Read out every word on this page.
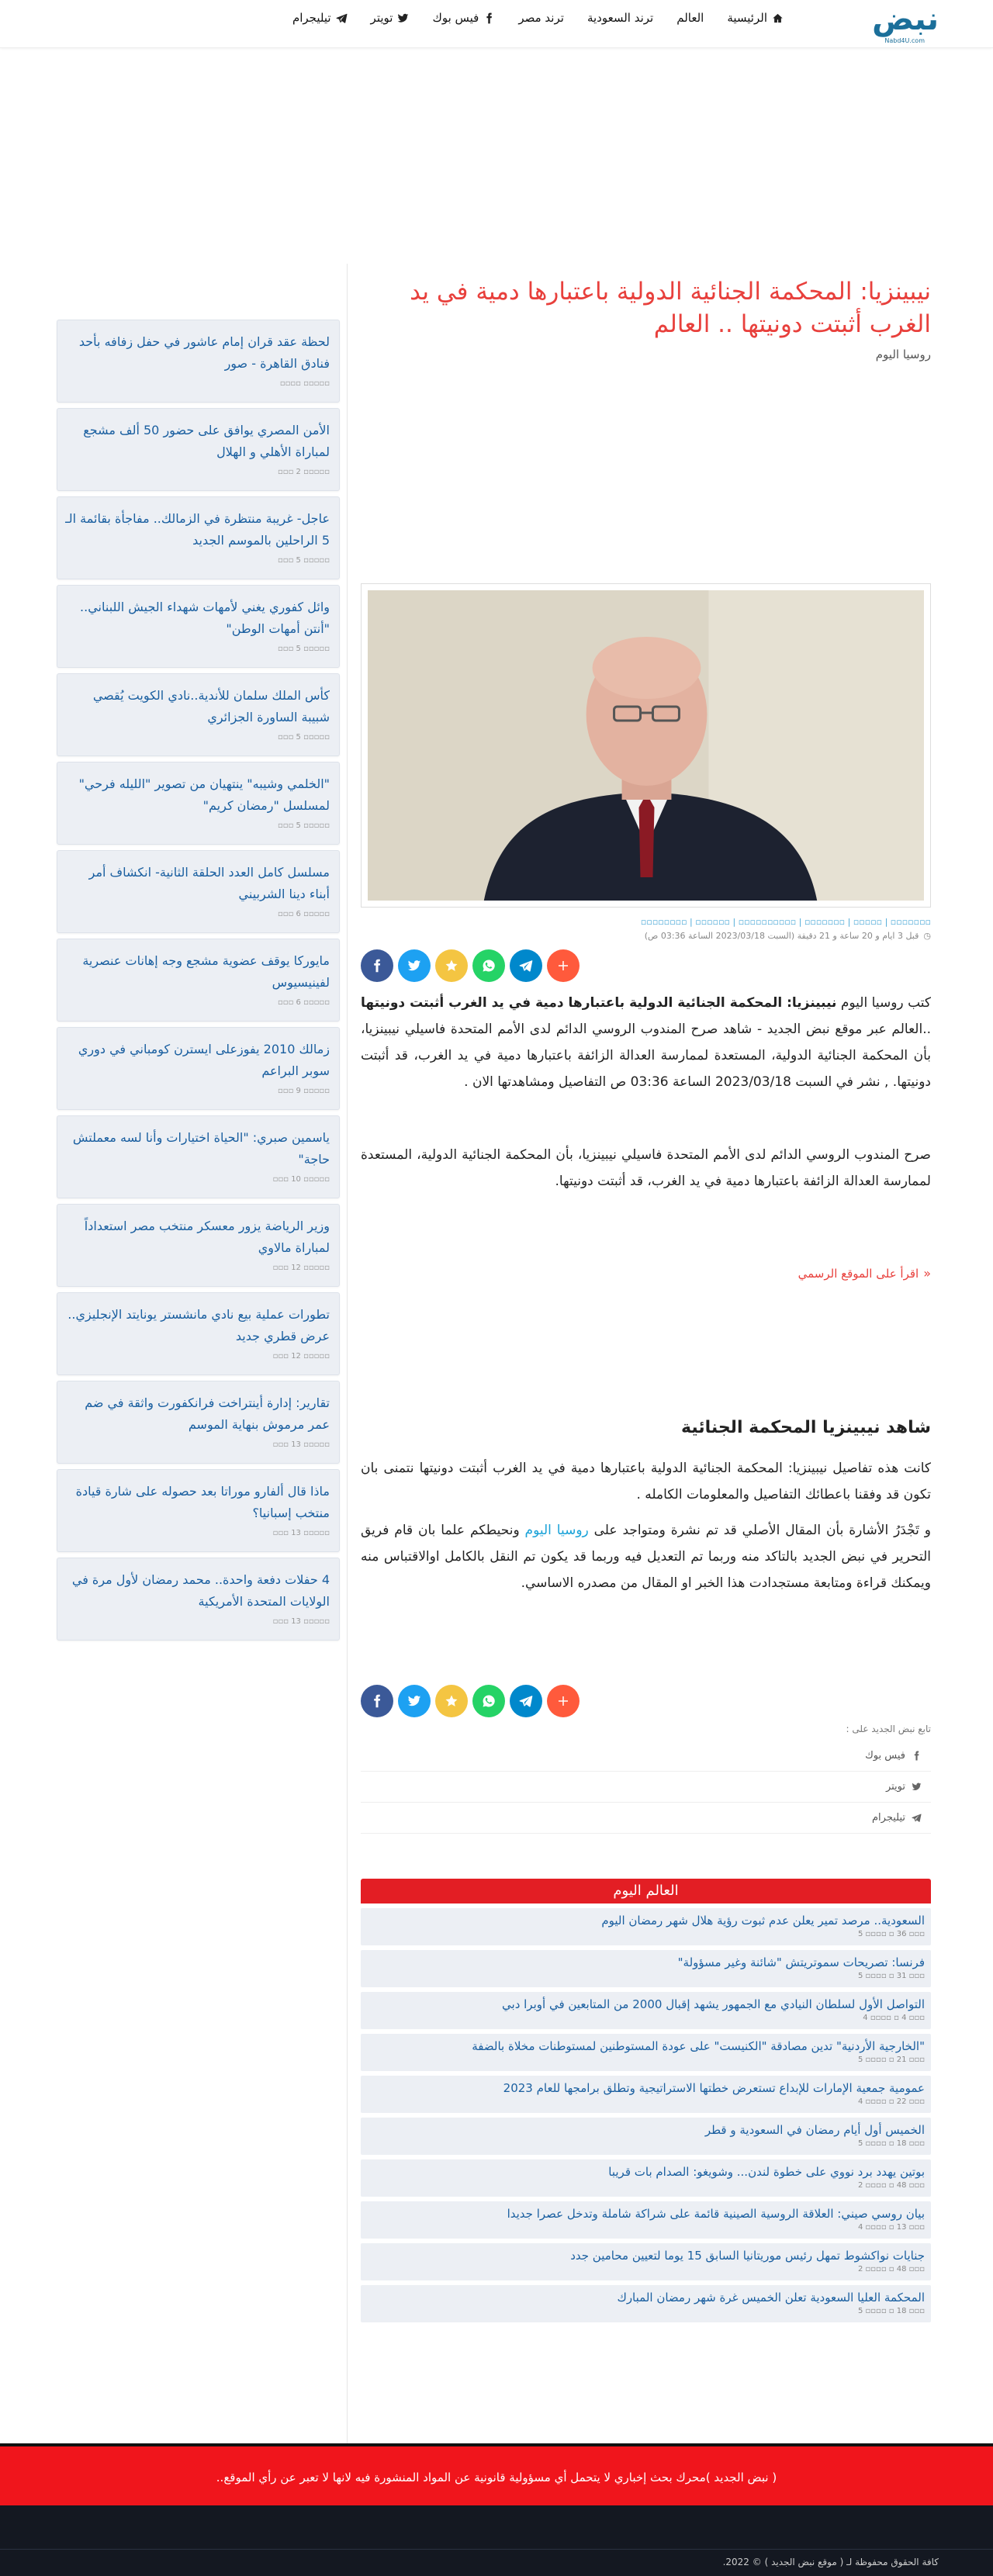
نبض
Nabd4U.com
الرئيسية
العالم
ترند السعودية
ترند مصر
فيس بوك
تويتر
تيليجرام
لحظة عقد قران إمام عاشور في حفل زفافه بأحد فنادق القاهرة - صور
▫▫▫▫▫ ▫▫▫▫
الأمن المصري يوافق على حضور 50 ألف مشجع لمباراة الأهلي و الهلال
▫▫▫▫▫ 2 ▫▫▫
عاجل- غريبة منتظرة في الزمالك.. مفاجأة بقائمة الـ 5 الراحلين بالموسم الجديد
▫▫▫▫▫ 5 ▫▫▫
وائل كفوري يغني لأمهات شهداء الجيش اللبناني.. "أنتن أمهات الوطن"
▫▫▫▫▫ 5 ▫▫▫
كأس الملك سلمان للأندية..نادي الكويت يُقصي شبيبة الساورة الجزائري
▫▫▫▫▫ 5 ▫▫▫
"الخلمي وشيبه" ينتهيان من تصوير "الليله فرحي" لمسلسل "رمضان كريم"
▫▫▫▫▫ 5 ▫▫▫
مسلسل كامل العدد الحلقة الثانية- انكشاف أمر أبناء دينا الشربيني
▫▫▫▫▫ 6 ▫▫▫
مايوركا يوقف عضوية مشجع وجه إهانات عنصرية لفينيسيوس
▫▫▫▫▫ 6 ▫▫▫
زمالك 2010 يفوزعلى ايسترن كومباني في دوري سوبر البراعم
▫▫▫▫▫ 9 ▫▫▫
ياسمين صبري: "الحياة اختيارات وأنا لسه معملتش حاجة"
▫▫▫▫▫ 10 ▫▫▫
وزير الرياضة يزور معسكر منتخب مصر استعداداً لمباراة مالاوي
▫▫▫▫▫ 12 ▫▫▫
تطورات عملية بيع نادي مانشستر يونايتد الإنجليزي.. عرض قطري جديد
▫▫▫▫▫ 12 ▫▫▫
تقارير: إدارة أينتراخت فرانكفورت واثقة في ضم عمر مرموش بنهاية الموسم
▫▫▫▫▫ 13 ▫▫▫
ماذا قال ألفارو موراتا بعد حصوله على شارة قيادة منتخب إسبانيا؟
▫▫▫▫▫ 13 ▫▫▫
4 حفلات دفعة واحدة.. محمد رمضان لأول مرة في الولايات المتحدة الأمريكية
▫▫▫▫▫ 13 ▫▫▫
نيبينزيا: المحكمة الجنائية الدولية باعتبارها دمية في يد الغرب أثبتت دونيتها .. العالم
روسيا اليوم
▫▫▫▫▫▫▫ | ▫▫▫▫▫ | ▫▫▫▫▫▫▫ | ▫▫▫▫▫▫▫▫▫▫ | ▫▫▫▫▫▫ | ▫▫▫▫▫▫▫▫
◷
قبل 3 ايام و 20 ساعة و 21 دقيقة (السبت 2023/03/18 الساعة 03:36 ص)
كتب روسيا اليوم نيبينزيا: المحكمة الجنائية الدولية باعتبارها دمية في يد الغرب أثبتت دونيتها ..العالم عبر موقع نبض الجديد - شاهد صرح المندوب الروسي الدائم لدى الأمم المتحدة فاسيلي نيبينزيا، بأن المحكمة الجنائية الدولية، المستعدة لممارسة العدالة الزائفة باعتبارها دمية في يد الغرب، قد أثبتت دونيتها. , نشر في السبت 2023/03/18 الساعة 03:36 ص التفاصيل ومشاهدتها الان .
صرح المندوب الروسي الدائم لدى الأمم المتحدة فاسيلي نيبينزيا، بأن المحكمة الجنائية الدولية، المستعدة لممارسة العدالة الزائفة باعتبارها دمية في يد الغرب، قد أثبتت دونيتها.
«
اقرأ على الموقع الرسمي
شاهد نيبينزيا المحكمة الجنائية
كانت هذه تفاصيل نيبينزيا: المحكمة الجنائية الدولية باعتبارها دمية في يد الغرب أثبتت دونيتها نتمنى بان تكون قد وفقنا باعطائك التفاصيل والمعلومات الكامله .
و تَجْدَرُ الأشارة بأن المقال الأصلي قد تم نشرة ومتواجد على روسيا اليوم ونحيطكم علما بان قام فريق التحرير في نبض الجديد بالتاكد منه وربما تم التعديل فيه وربما قد يكون تم النقل بالكامل اوالاقتباس منه ويمكنك قراءة ومتابعة مستجدادت هذا الخبر او المقال من مصدره الاساسي.
تابع نبض الجديد على :
فيس بوك
تويتر
تيليجرام
العالم اليوم
السعودية.. مرصد تمير يعلن عدم ثبوت رؤية هلال شهر رمضان اليوم
▫▫▫ 36 ▫ ▫▫▫▫ 5
فرنسا: تصريحات سموتريتش "شائنة وغير مسؤولة"
▫▫▫ 31 ▫ ▫▫▫▫ 5
التواصل الأول لسلطان النيادي مع الجمهور يشهد إقبال 2000 من المتابعين في أوبرا دبي
▫▫▫ 4 ▫ ▫▫▫▫ 4
"الخارجية الأردنية" تدين مصادقة "الكنيست" على عودة المستوطنين لمستوطنات مخلاة بالضفة
▫▫▫ 21 ▫ ▫▫▫▫ 5
عمومية جمعية الإمارات للإبداع تستعرض خطتها الاستراتيجية وتطلق برامجها للعام 2023
▫▫▫ 22 ▫ ▫▫▫▫ 4
الخميس أول أيام رمضان في السعودية و قطر
▫▫▫ 18 ▫ ▫▫▫▫ 5
بوتين يهدد برد نووي على خطوة لندن... وشويغو: الصدام بات قريبا
▫▫▫ 48 ▫ ▫▫▫▫ 2
بيان روسي صيني: العلاقة الروسية الصينية قائمة على شراكة شاملة وتدخل عصرا جديدا
▫▫▫ 13 ▫ ▫▫▫▫ 4
جنايات نواكشوط تمهل رئيس موريتانيا السابق 15 يوما لتعيين محامين جدد
▫▫▫ 48 ▫ ▫▫▫▫ 2
المحكمة العليا السعودية تعلن الخميس غرة شهر رمضان المبارك
▫▫▫ 18 ▫ ▫▫▫▫ 5
( نبض الجديد )محرك بحث إخباري لا يتحمل أي مسؤولية قانونية عن المواد المنشورة فيه لانها لا تعبر عن رأي الموقع..
كافة الحقوق محفوظة لـ ( موقع نبض الجديد ) © 2022.
